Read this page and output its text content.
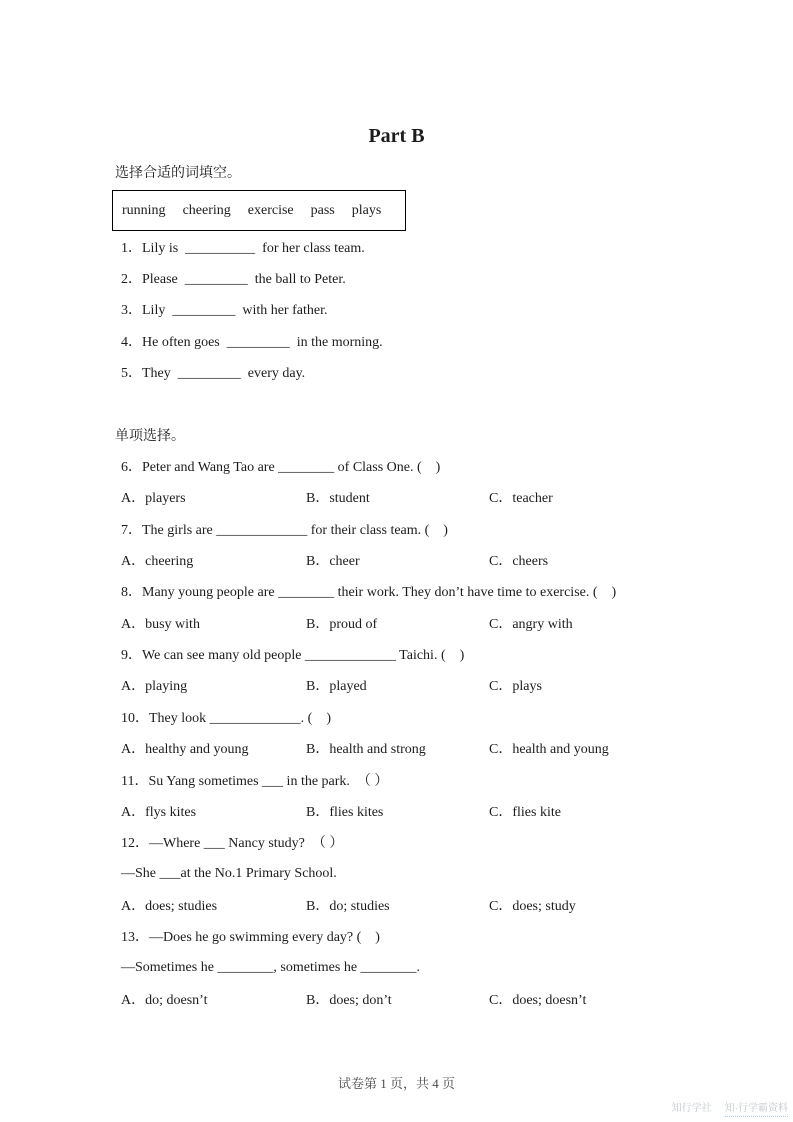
Part B
选择合适的词填空。
running cheering exercise pass plays
1．Lily is  __________  for her class team.
2．Please  _________  the ball to Peter.
3．Lily  _________  with her father.
4．He often goes  _________  in the morning.
5．They  _________  every day.
单项选择。
6．Peter and Wang Tao are ________ of Class One. (　)
A．players	B．student	C．teacher
7．The girls are _____________ for their class team. (　)
A．cheering	B．cheer	C．cheers
8．Many young people are ________ their work. They don’t have time to exercise. (　)
A．busy with	B．proud of	C．angry with
9．We can see many old people _____________ Taichi. (　)
A．playing	B．played	C．plays
10．They look _____________. (　)
A．healthy and young	B．health and strong	C．health and young
11．Su Yang sometimes ___ in the park.　（ ）
A．flys kites	B．flies kites	C．flies kite
12．—Where ___ Nancy study?　（ ）
—She ___at the No.1 Primary School.
A．does; studies	B．do; studies	C．does; study
13．—Does he go swimming every day? (　)
—Sometimes he ________, sometimes he ________.
A．do; doesn’t	B．does; don’t	C．does; doesn’t
试卷第 1 页，共 4 页
知行学社 知·行学霸资料
